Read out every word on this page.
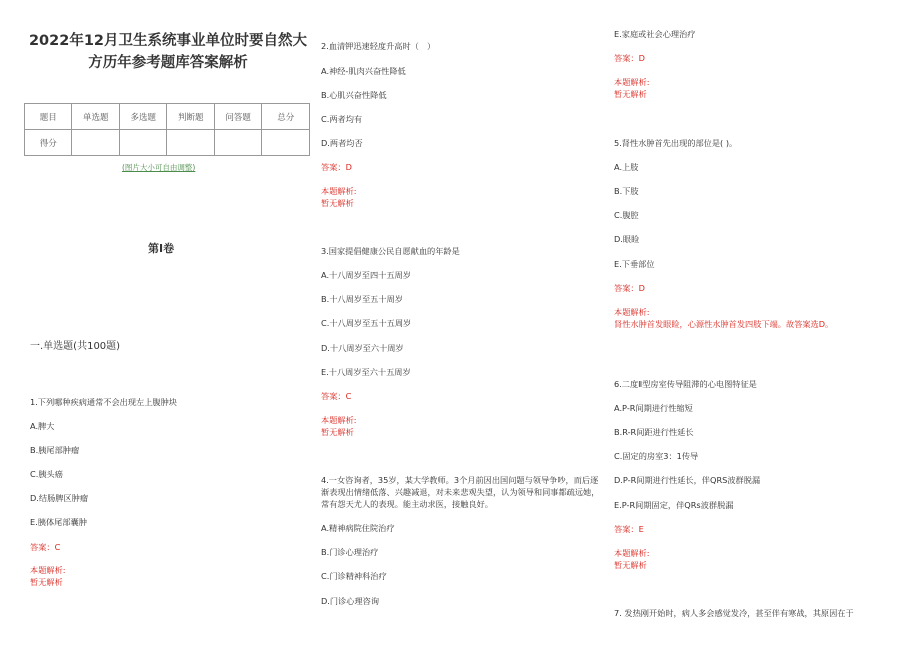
2022年12月卫生系统事业单位时要自然大方历年参考题库答案解析
题目	单选题	多选题	判断题	问答题	总分
得分					
(图片大小可自由调整)
第Ⅰ卷
一.单选题(共100题)
1.下列哪种疾病通常不会出现左上腹肿块
A.脾大
B.胰尾部肿瘤
C.胰头癌
D.结肠脾区肿瘤
E.胰体尾部囊肿
答案：C
本题解析:
暂无解析
2.血清钾迅速轻度升高时（　）
A.神经-肌肉兴奋性降低
B.心肌兴奋性降低
C.两者均有
D.两者均否
答案：D
本题解析:
暂无解析
3.国家提倡健康公民自愿献血的年龄是
A.十八周岁至四十五周岁
B.十八周岁至五十周岁
C.十八周岁至五十五周岁
D.十八周岁至六十周岁
E.十八周岁至六十五周岁
答案：C
本题解析:
暂无解析
4.一女咨询者，35岁，某大学教师。3个月前因出国问题与领导争吵，而后逐渐表现出情绪低落、兴趣减退，对未来悲观失望，认为领导和同事都疏远她，常有怨天尤人的表现。能主动求医，接触良好。
A.精神病院住院治疗
B.门诊心理治疗
C.门诊精神科治疗
D.门诊心理咨询
E.家庭或社会心理治疗
答案：D
本题解析:
暂无解析
5.肾性水肿首先出现的部位是( )。
A.上肢
B.下肢
C.腹腔
D.眼睑
E.下垂部位
答案：D
本题解析:
肾性水肿首发眼睑，心源性水肿首发四肢下端。故答案选D。
6.二度Ⅱ型房室传导阻滞的心电图特征是
A.P-R间期进行性缩短
B.R-R间距进行性延长
C.固定的房室3：1传导
D.P-R间期进行性延长，伴QRS波群脱漏
E.P-R间期固定，伴QRs波群脱漏
答案：E
本题解析:
暂无解析
7. 发热刚开始时，病人多会感觉发冷，甚至伴有寒战，其原因在于
